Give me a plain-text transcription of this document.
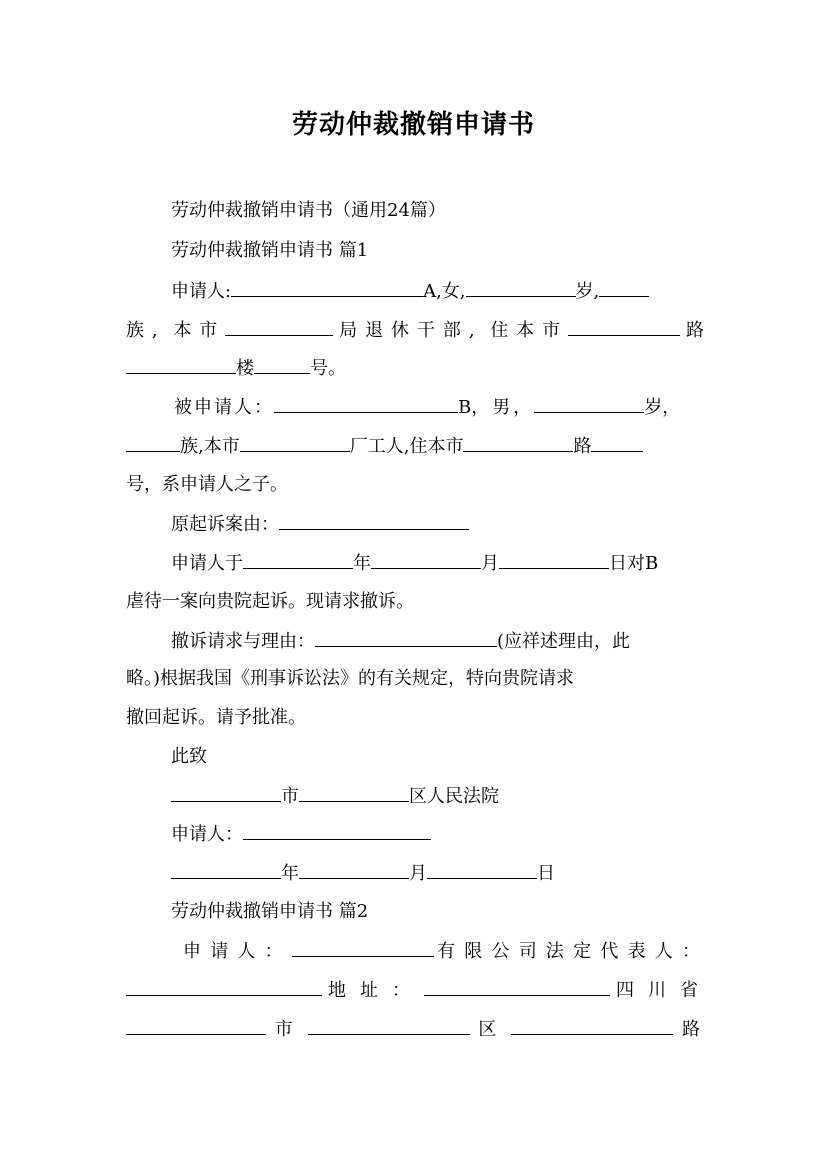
劳动仲裁撤销申请书
劳动仲裁撤销申请书（通用24篇）
劳动仲裁撤销申请书 篇1
申请人:	A,女,	岁,
族, 本市	局退休干部, 住本市	路
楼	号。
被申请人：	B，男，	岁，
族,本市	厂工人,住本市	路
号，系申请人之子。
原起诉案由：
申请人于	年	月	日对B
虐待一案向贵院起诉。现请求撤诉。
撤诉请求与理由：	(应祥述理由，此
略。)根据我国《刑事诉讼法》的有关规定，特向贵院请求
撤回起诉。请予批准。
此致
市	区人民法院
申请人：
年	月	日
劳动仲裁撤销申请书 篇2
申请人：	有限公司法定代表人：
地址：	四川省
市	区	路
